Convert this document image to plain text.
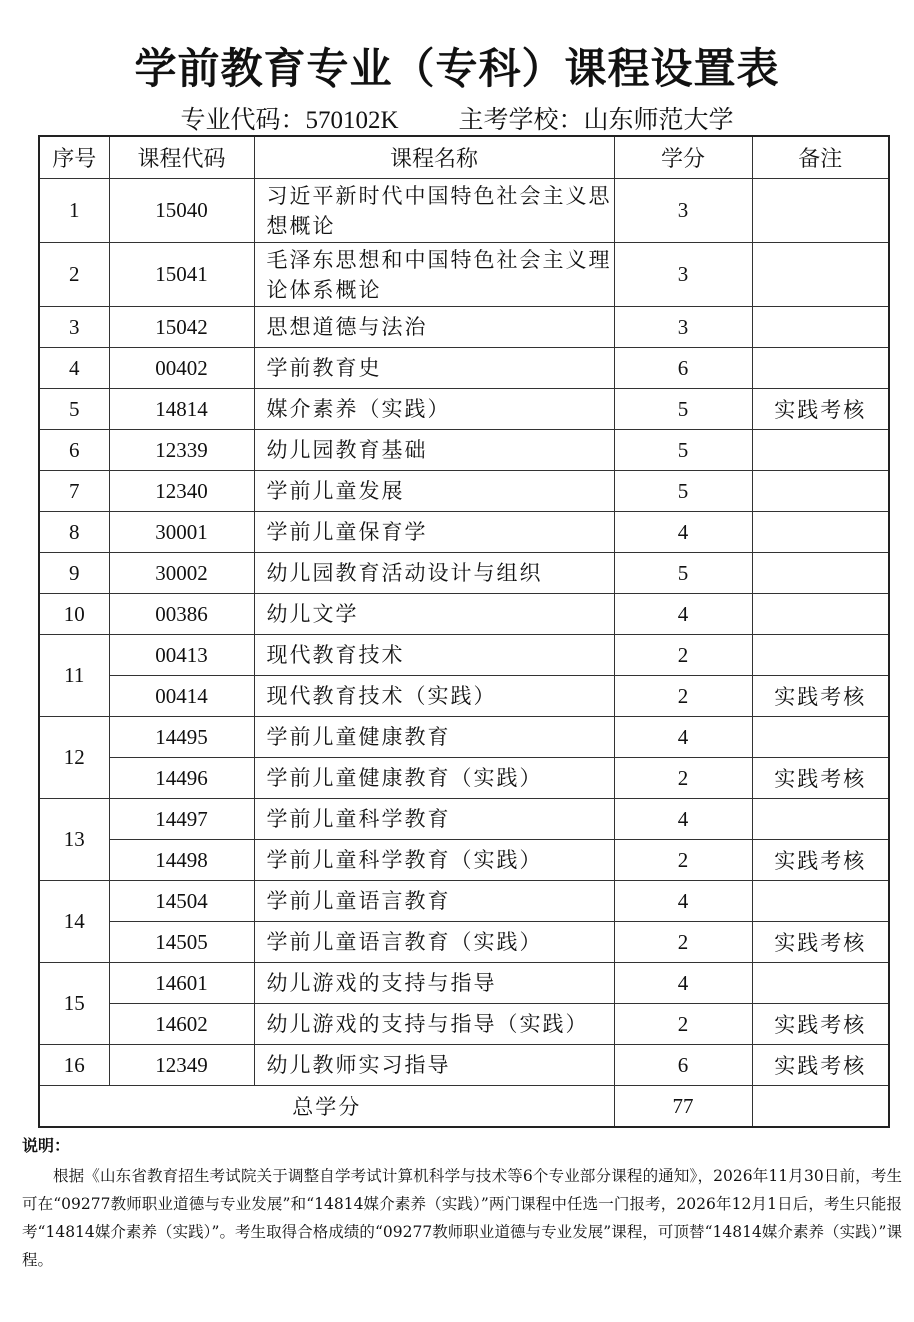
学前教育专业（专科）课程设置表
专业代码：570102K 主考学校：山东师范大学
序号	课程代码	课程名称	学分	备注
1	15040	习近平新时代中国特色社会主义思想概论	3	
2	15041	毛泽东思想和中国特色社会主义理论体系概论	3	
3	15042	思想道德与法治	3	
4	00402	学前教育史	6	
5	14814	媒介素养（实践）	5	实践考核
6	12339	幼儿园教育基础	5	
7	12340	学前儿童发展	5	
8	30001	学前儿童保育学	4	
9	30002	幼儿园教育活动设计与组织	5	
10	00386	幼儿文学	4	
11	00413	现代教育技术	2	
	00414	现代教育技术（实践）	2	实践考核
12	14495	学前儿童健康教育	4	
	14496	学前儿童健康教育（实践）	2	实践考核
13	14497	学前儿童科学教育	4	
	14498	学前儿童科学教育（实践）	2	实践考核
14	14504	学前儿童语言教育	4	
	14505	学前儿童语言教育（实践）	2	实践考核
15	14601	幼儿游戏的支持与指导	4	
	14602	幼儿游戏的支持与指导（实践）	2	实践考核
16	12349	幼儿教师实习指导	6	实践考核
总学分			77	
说明：
根据《山东省教育招生考试院关于调整自学考试计算机科学与技术等6个专业部分课程的通知》，2026年11月30日前，考生可在“09277教师职业道德与专业发展”和“14814媒介素养（实践）”两门课程中任选一门报考，2026年12月1日后，考生只能报考“14814媒介素养（实践）”。考生取得合格成绩的“09277教师职业道德与专业发展”课程，可顶替“14814媒介素养（实践）”课程。
